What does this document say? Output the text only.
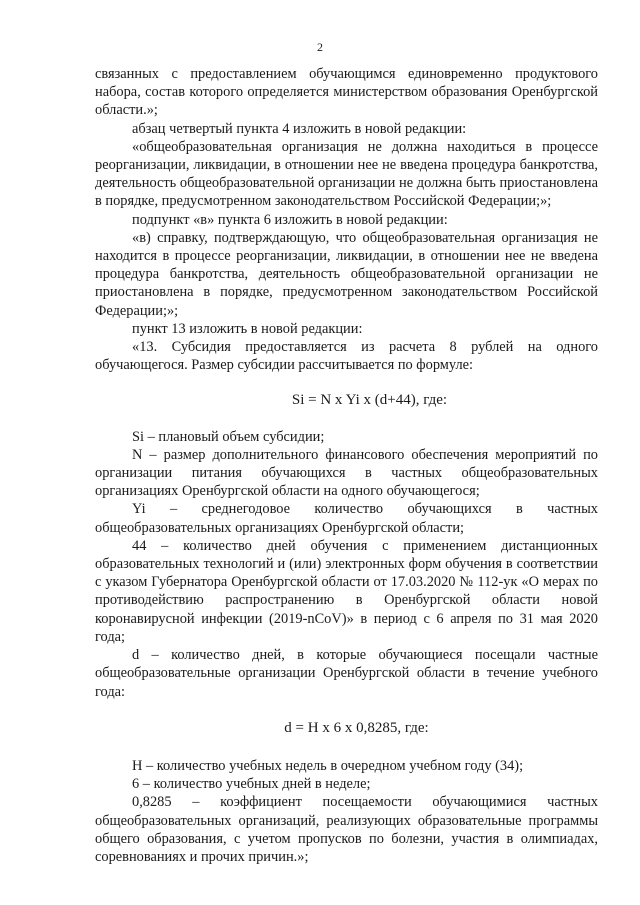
2

связанных с предоставлением обучающимся единовременно продуктового набора, состав которого определяется министерством образования Оренбургской области.»;

абзац четвертый пункта 4 изложить в новой редакции:

«общеобразовательная организация не должна находиться в процессе реорганизации, ликвидации, в отношении нее не введена процедура банкротства, деятельность общеобразовательной организации не должна быть приостановлена в порядке, предусмотренном законодательством Российской Федерации;»;

подпункт «в» пункта 6 изложить в новой редакции:

«в) справку, подтверждающую, что общеобразовательная организация не находится в процессе реорганизации, ликвидации, в отношении нее не введена процедура банкротства, деятельность общеобразовательной организации не приостановлена в порядке, предусмотренном законодательством Российской Федерации;»;

пункт 13 изложить в новой редакции:

«13. Субсидия предоставляется из расчета 8 рублей на одного обучающегося. Размер субсидии рассчитывается по формуле:

Si = N x Yi x (d+44), где:

Si – плановый объем субсидии;

N – размер дополнительного финансового обеспечения мероприятий по организации питания обучающихся в частных общеобразовательных организациях Оренбургской области на одного обучающегося;

Yi – среднегодовое количество обучающихся в частных общеобразовательных организациях Оренбургской области;

44 – количество дней обучения с применением дистанционных образовательных технологий и (или) электронных форм обучения в соответствии с указом Губернатора Оренбургской области от 17.03.2020 № 112-ук «О мерах по противодействию распространению в Оренбургской области новой коронавирусной инфекции (2019-nCoV)» в период с 6 апреля по 31 мая 2020 года;

d – количество дней, в которые обучающиеся посещали частные общеобразовательные организации Оренбургской области в течение учебного года:

d = H x 6 x 0,8285, где:

H – количество учебных недель в очередном учебном году (34);

6 – количество учебных дней в неделе;

0,8285 – коэффициент посещаемости обучающимися частных общеобразовательных организаций, реализующих образовательные программы общего образования, с учетом пропусков по болезни, участия в олимпиадах, соревнованиях и прочих причин.»;
